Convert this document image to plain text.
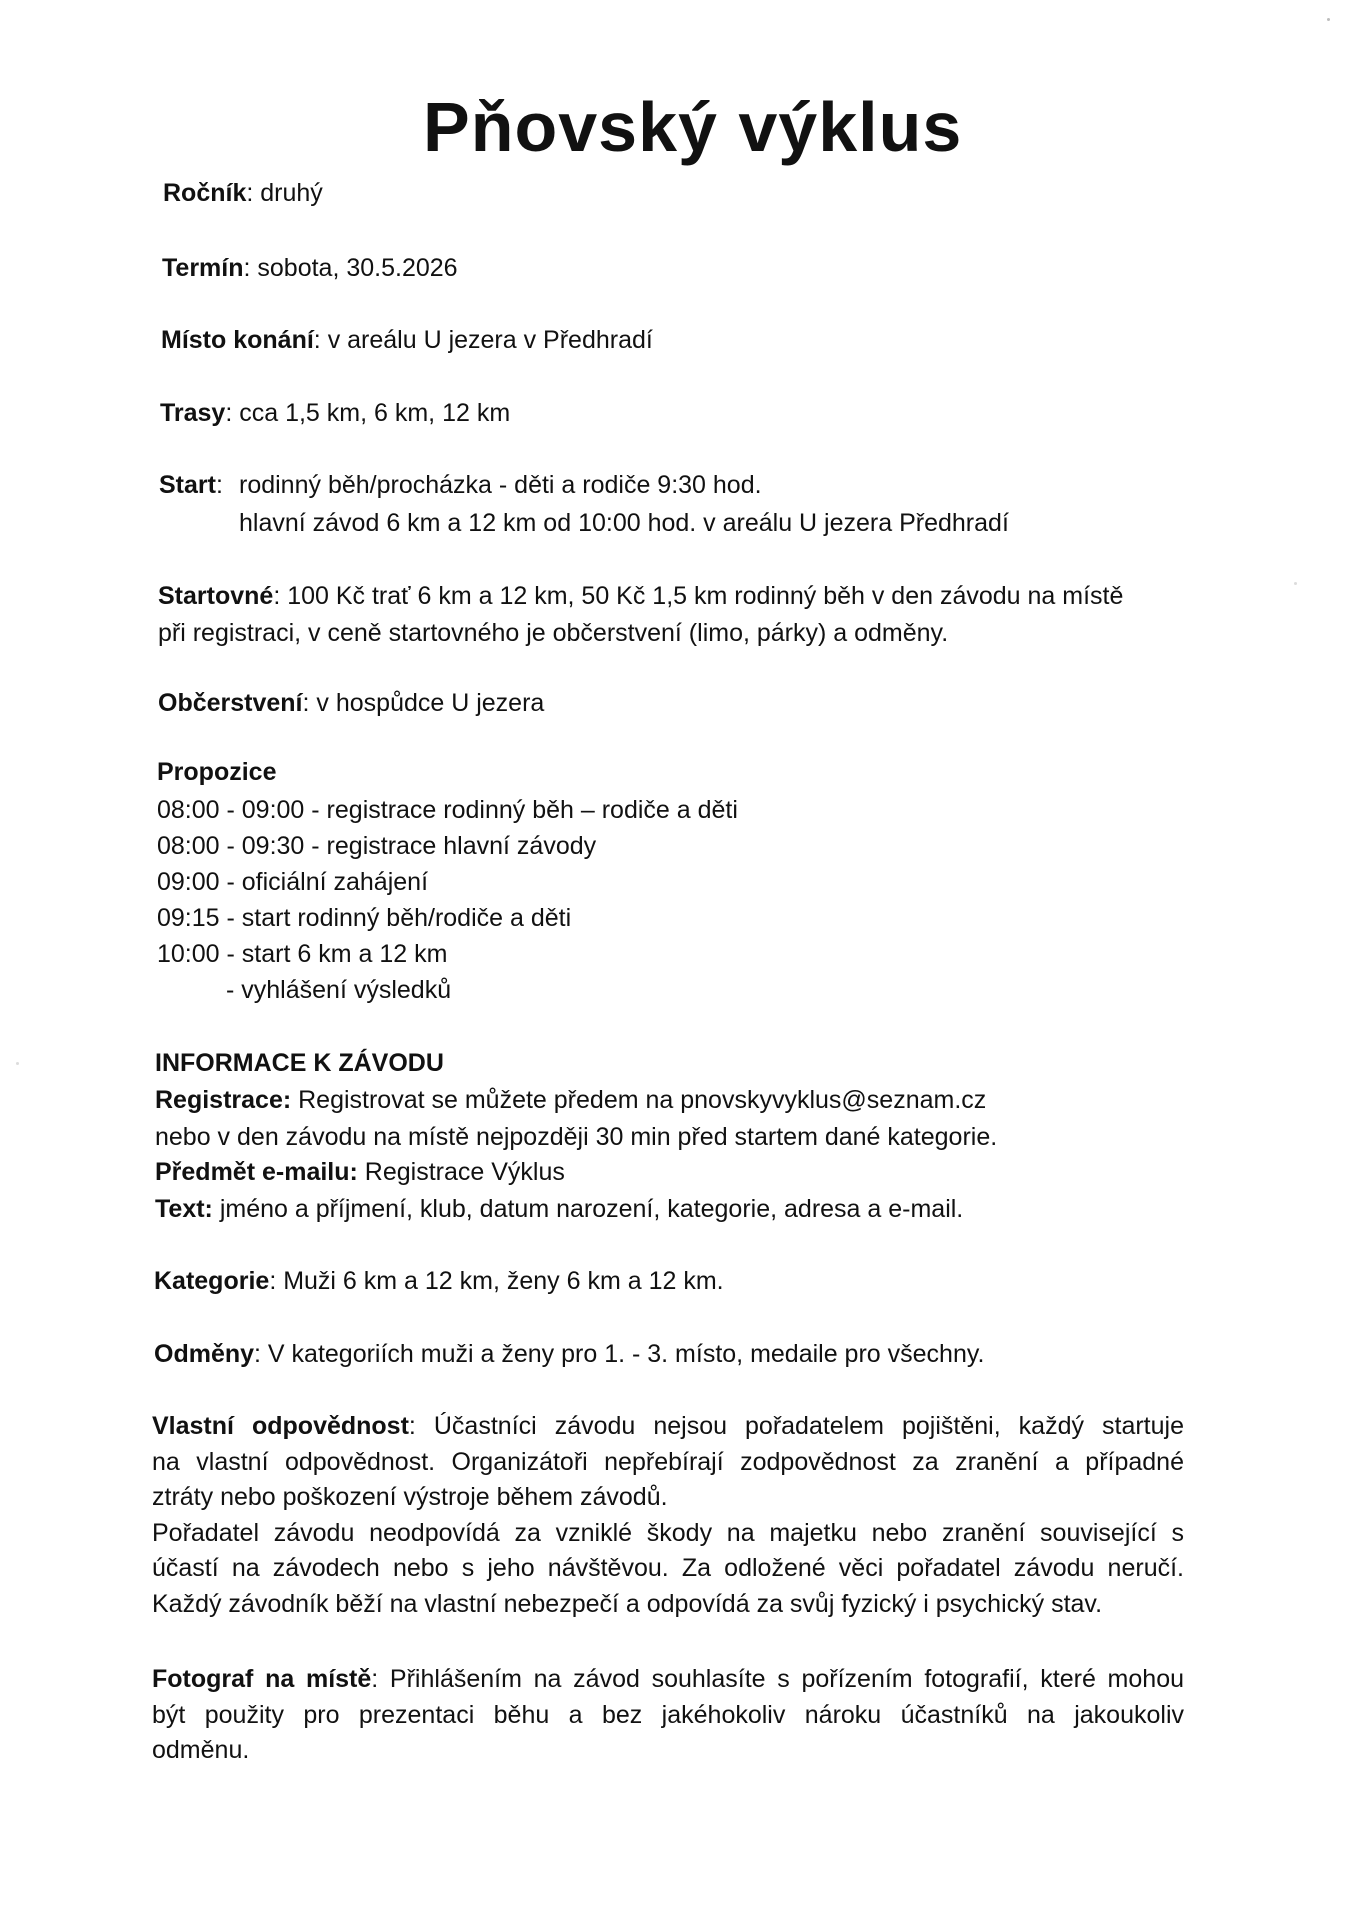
Pňovský výklus
Ročník: druhý
Termín: sobota, 30.5.2026
Místo konání: v areálu U jezera v Předhradí
Trasy: cca 1,5 km, 6 km, 12 km
Start: rodinný běh/procházka - děti a rodiče 9:30 hod.
hlavní závod 6 km a 12 km od 10:00 hod. v areálu U jezera Předhradí
Startovné: 100 Kč trať 6 km a 12 km, 50 Kč 1,5 km rodinný běh v den závodu na místě
při registraci, v ceně startovného je občerstvení (limo, párky) a odměny.
Občerstvení: v hospůdce U jezera
Propozice
08:00 - 09:00 - registrace rodinný běh – rodiče a děti
08:00 - 09:30 - registrace hlavní závody
09:00 - oficiální zahájení
09:15 - start rodinný běh/rodiče a děti
10:00 - start 6 km a 12 km
- vyhlášení výsledků
INFORMACE K ZÁVODU
Registrace: Registrovat se můžete předem na pnovskyvyklus@seznam.cz
nebo v den závodu na místě nejpozději 30 min před startem dané kategorie.
Předmět e-mailu: Registrace Výklus
Text: jméno a příjmení, klub, datum narození, kategorie, adresa a e-mail.
Kategorie: Muži 6 km a 12 km, ženy 6 km a 12 km.
Odměny: V kategoriích muži a ženy pro 1. - 3. místo, medaile pro všechny.
Vlastní odpovědnost: Účastníci závodu nejsou pořadatelem pojištěni, každý startuje
na vlastní odpovědnost. Organizátoři nepřebírají zodpovědnost za zranění a případné
ztráty nebo poškození výstroje během závodů.
Pořadatel závodu neodpovídá za vzniklé škody na majetku nebo zranění související s
účastí na závodech nebo s jeho návštěvou. Za odložené věci pořadatel závodu neručí.
Každý závodník běží na vlastní nebezpečí a odpovídá za svůj fyzický i psychický stav.
Fotograf na místě: Přihlášením na závod souhlasíte s pořízením fotografií, které mohou
být použity pro prezentaci běhu a bez jakéhokoliv nároku účastníků na jakoukoliv
odměnu.
